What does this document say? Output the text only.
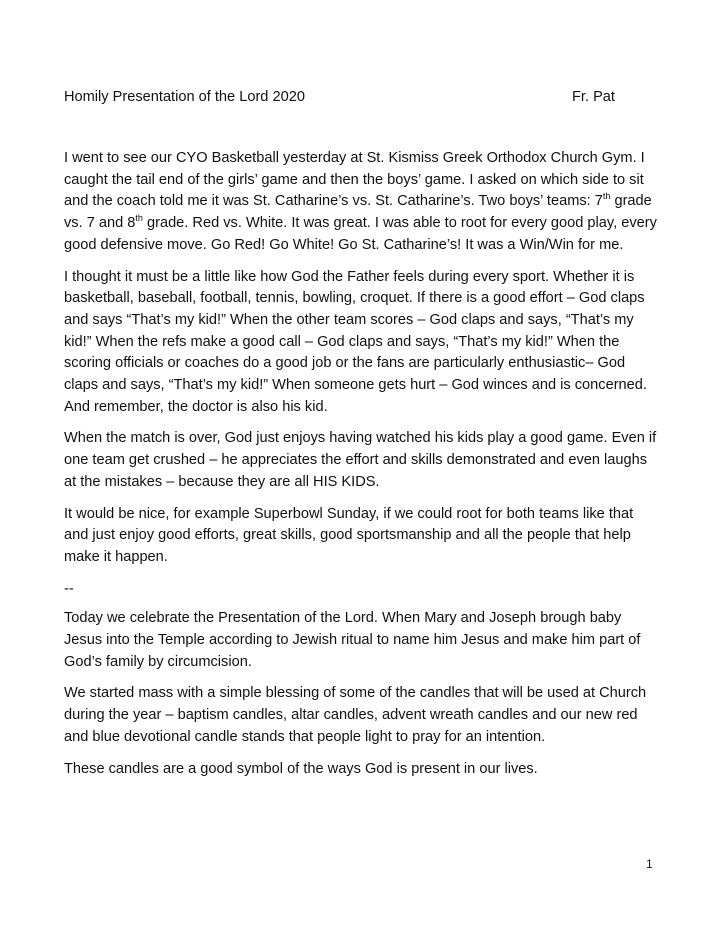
Homily Presentation of the Lord 2020	Fr. Pat

I went to see our CYO Basketball yesterday at St. Kismiss Greek Orthodox Church Gym. I caught the tail end of the girls’ game and then the boys’ game. I asked on which side to sit and the coach told me it was St. Catharine’s vs. St. Catharine’s. Two boys’ teams: 7th grade vs. 7 and 8th grade. Red vs. White. It was great. I was able to root for every good play, every good defensive move. Go Red! Go White! Go St. Catharine’s! It was a Win/Win for me.

I thought it must be a little like how God the Father feels during every sport. Whether it is basketball, baseball, football, tennis, bowling, croquet. If there is a good effort – God claps and says “That’s my kid!” When the other team scores – God claps and says, “That’s my kid!” When the refs make a good call – God claps and says, “That’s my kid!” When the scoring officials or coaches do a good job or the fans are particularly enthusiastic– God claps and says, “That’s my kid!” When someone gets hurt – God winces and is concerned. And remember, the doctor is also his kid.

When the match is over, God just enjoys having watched his kids play a good game. Even if one team get crushed – he appreciates the effort and skills demonstrated and even laughs at the mistakes – because they are all HIS KIDS.

It would be nice, for example Superbowl Sunday, if we could root for both teams like that and just enjoy good efforts, great skills, good sportsmanship and all the people that help make it happen.

--

Today we celebrate the Presentation of the Lord. When Mary and Joseph brough baby Jesus into the Temple according to Jewish ritual to name him Jesus and make him part of God’s family by circumcision.

We started mass with a simple blessing of some of the candles that will be used at Church during the year – baptism candles, altar candles, advent wreath candles and our new red and blue devotional candle stands that people light to pray for an intention.

These candles are a good symbol of the ways God is present in our lives.

1
